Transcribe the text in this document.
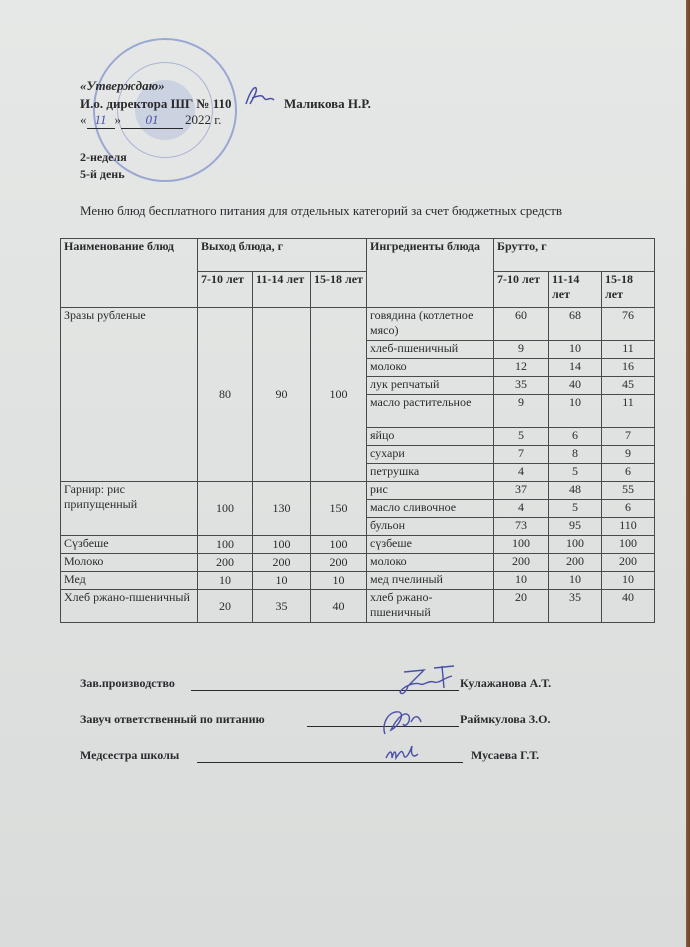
«Утверждаю»
И.о. директора ШГ № 110	Маликова Н.Р.
« 11 » 01 2022 г.
2-неделя
5-й день
Меню блюд бесплатного питания для отдельных категорий за счет бюджетных средств
Наименование блюд	Выход блюда, г			Ингредиенты блюда	Брутто, г		
	7-10 лет	11-14 лет	15-18 лет		7-10 лет	11-14 лет	15-18 лет
Зразы рубленые	80	90	100	говядина (котлетное мясо)	60	68	76
				хлеб-пшеничный	9	10	11
				молоко	12	14	16
				лук репчатый	35	40	45
				масло растительное	9	10	11
				яйцо	5	6	7
				сухари	7	8	9
				петрушка	4	5	6
Гарнир: рис припущенный	100	130	150	рис	37	48	55
				масло сливочное	4	5	6
				бульон	73	95	110
Сүзбеше	100	100	100	сүзбеше	100	100	100
Молоко	200	200	200	молоко	200	200	200
Мед	10	10	10	мед пчелиный	10	10	10
Хлеб ржано-пшеничный	20	35	40	хлеб ржано-пшеничный	20	35	40
Зав.производство	Кулажанова А.Т.
Завуч ответственный по питанию	Раймкулова З.О.
Медсестра школы	Мусаева Г.Т.
